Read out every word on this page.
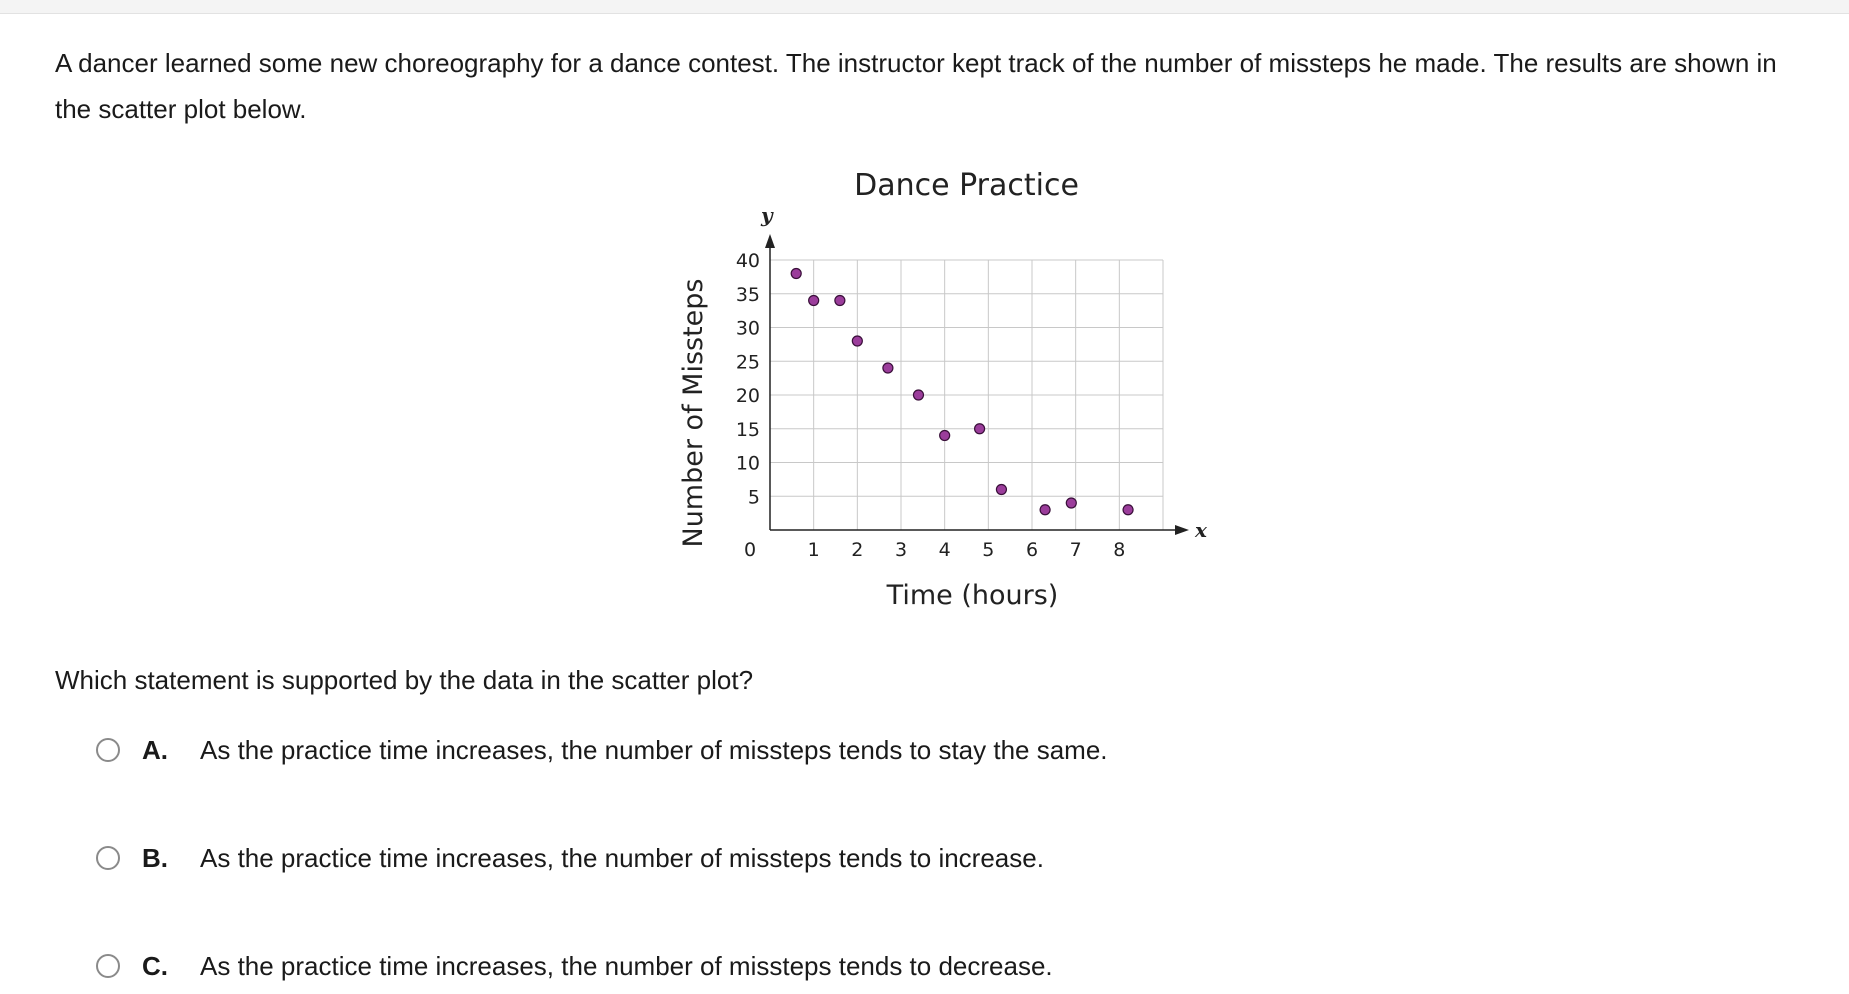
A dancer learned some new choreography for a dance contest. The instructor kept track of the number of missteps he made. The results are shown in the scatter plot below.

x
y
Dance Practice
1 2 3 4 5 6 7 8
5
10
15
20
25
30
35
40
0
Time (hours)
Number of Missteps

Which statement is supported by the data in the scatter plot?

A.	As the practice time increases, the number of missteps tends to stay the same.
B.	As the practice time increases, the number of missteps tends to increase.
C.	As the practice time increases, the number of missteps tends to decrease.
